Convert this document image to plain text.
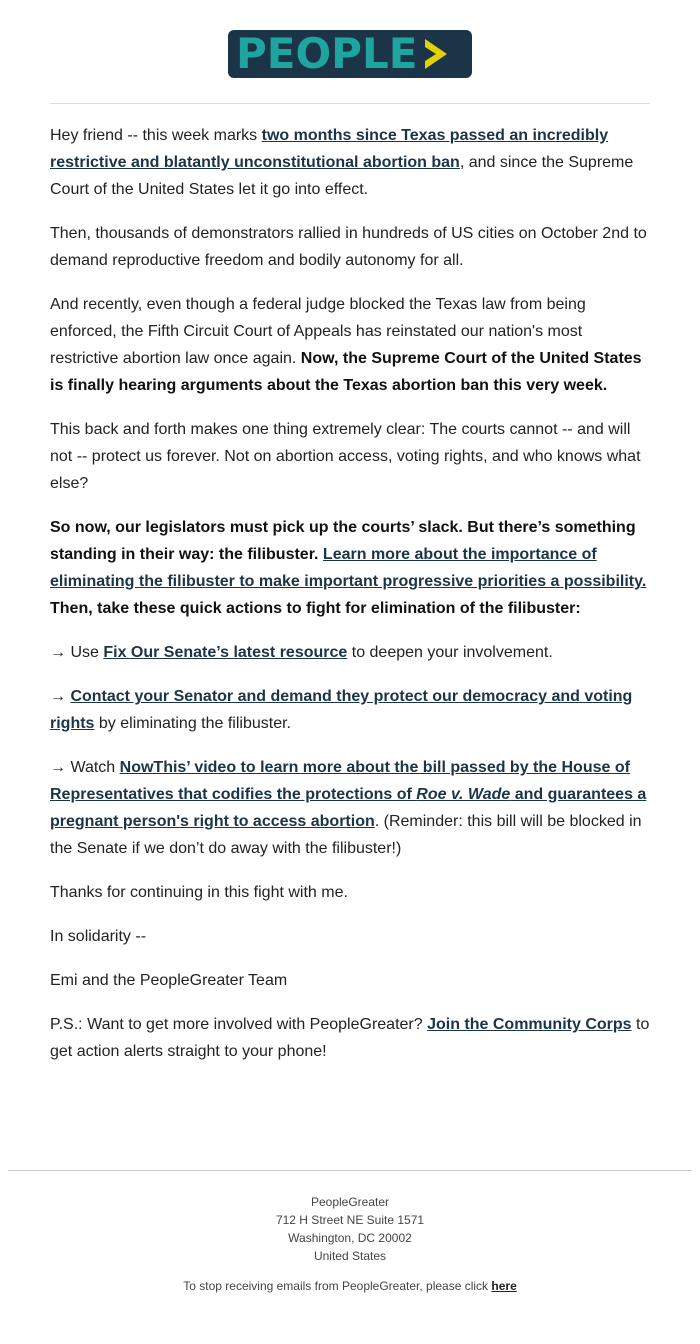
PEOPLE

Hey friend -- this week marks two months since Texas passed an incredibly restrictive and blatantly unconstitutional abortion ban, and since the Supreme Court of the United States let it go into effect.

Then, thousands of demonstrators rallied in hundreds of US cities on October 2nd to demand reproductive freedom and bodily autonomy for all.

And recently, even though a federal judge blocked the Texas law from being enforced, the Fifth Circuit Court of Appeals has reinstated our nation's most restrictive abortion law once again. Now, the Supreme Court of the United States is finally hearing arguments about the Texas abortion ban this very week.

This back and forth makes one thing extremely clear: The courts cannot -- and will not -- protect us forever. Not on abortion access, voting rights, and who knows what else?

So now, our legislators must pick up the courts’ slack. But there’s something standing in their way: the filibuster. Learn more about the importance of eliminating the filibuster to make important progressive priorities a possibility. Then, take these quick actions to fight for elimination of the filibuster:

→ Use Fix Our Senate’s latest resource to deepen your involvement.

→ Contact your Senator and demand they protect our democracy and voting rights by eliminating the filibuster.

→ Watch NowThis’ video to learn more about the bill passed by the House of Representatives that codifies the protections of Roe v. Wade and guarantees a pregnant person's right to access abortion. (Reminder: this bill will be blocked in the Senate if we don’t do away with the filibuster!)

Thanks for continuing in this fight with me.

In solidarity --

Emi and the PeopleGreater Team

P.S.: Want to get more involved with PeopleGreater? Join the Community Corps to get action alerts straight to your phone!

PeopleGreater
712 H Street NE Suite 1571
Washington, DC 20002
United States
To stop receiving emails from PeopleGreater, please click here
